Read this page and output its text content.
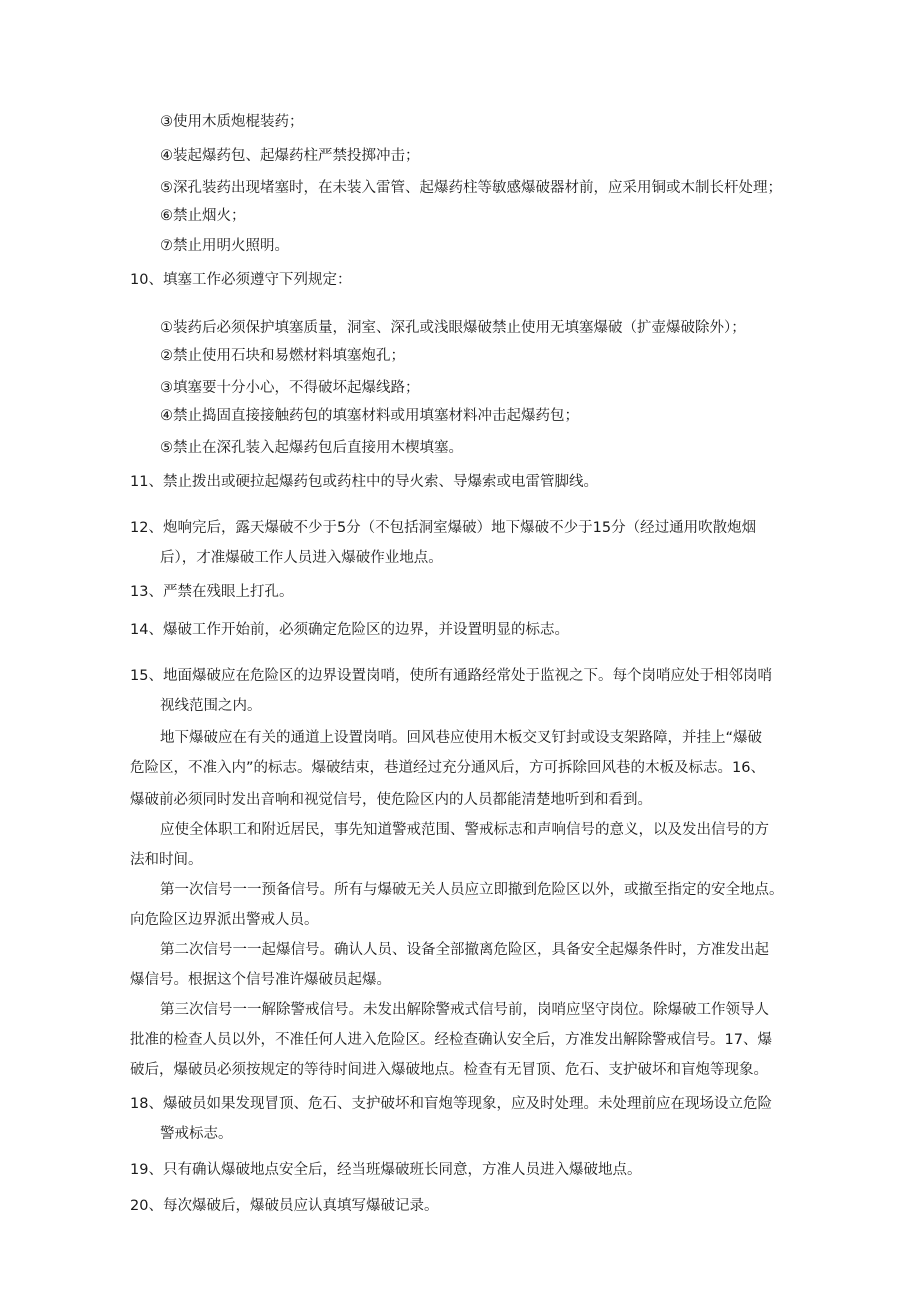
③使用木质炮棍装药；
④装起爆药包、起爆药柱严禁投掷冲击；
⑤深孔装药出现堵塞时，在未装入雷管、起爆药柱等敏感爆破器材前，应采用铜或木制长杆处理；
⑥禁止烟火；
⑦禁止用明火照明。
10、填塞工作必须遵守下列规定：
①装药后必须保护填塞质量，洞室、深孔或浅眼爆破禁止使用无填塞爆破（扩壶爆破除外）；
②禁止使用石块和易燃材料填塞炮孔；
③填塞要十分小心，不得破坏起爆线路；
④禁止捣固直接接触药包的填塞材料或用填塞材料冲击起爆药包；
⑤禁止在深孔装入起爆药包后直接用木楔填塞。
11、禁止拨出或硬拉起爆药包或药柱中的导火索、导爆索或电雷管脚线。
12、炮响完后，露天爆破不少于5分（不包括洞室爆破）地下爆破不少于15分（经过通用吹散炮烟
后），才准爆破工作人员进入爆破作业地点。
13、严禁在残眼上打孔。
14、爆破工作开始前，必须确定危险区的边界，并设置明显的标志。
15、地面爆破应在危险区的边界设置岗哨，使所有通路经常处于监视之下。每个岗哨应处于相邻岗哨
视线范围之内。
地下爆破应在有关的通道上设置岗哨。回风巷应使用木板交叉钉封或设支架路障，并挂上“爆破
危险区，不准入内”的标志。爆破结束，巷道经过充分通风后，方可拆除回风巷的木板及标志。16、
爆破前必须同时发出音响和视觉信号，使危险区内的人员都能清楚地听到和看到。
应使全体职工和附近居民，事先知道警戒范围、警戒标志和声响信号的意义，以及发出信号的方
法和时间。
第一次信号一一预备信号。所有与爆破无关人员应立即撤到危险区以外，或撤至指定的安全地点。
向危险区边界派出警戒人员。
第二次信号一一起爆信号。确认人员、设备全部撤离危险区，具备安全起爆条件时，方准发出起
爆信号。根据这个信号准许爆破员起爆。
第三次信号一一解除警戒信号。未发出解除警戒式信号前，岗哨应坚守岗位。除爆破工作领导人
批准的检查人员以外，不准任何人进入危险区。经检查确认安全后，方准发出解除警戒信号。17、爆
破后，爆破员必须按规定的等待时间进入爆破地点。检查有无冒顶、危石、支护破坏和盲炮等现象。
18、爆破员如果发现冒顶、危石、支护破坏和盲炮等现象，应及时处理。未处理前应在现场设立危险
警戒标志。
19、只有确认爆破地点安全后，经当班爆破班长同意，方准人员进入爆破地点。
20、每次爆破后，爆破员应认真填写爆破记录。
